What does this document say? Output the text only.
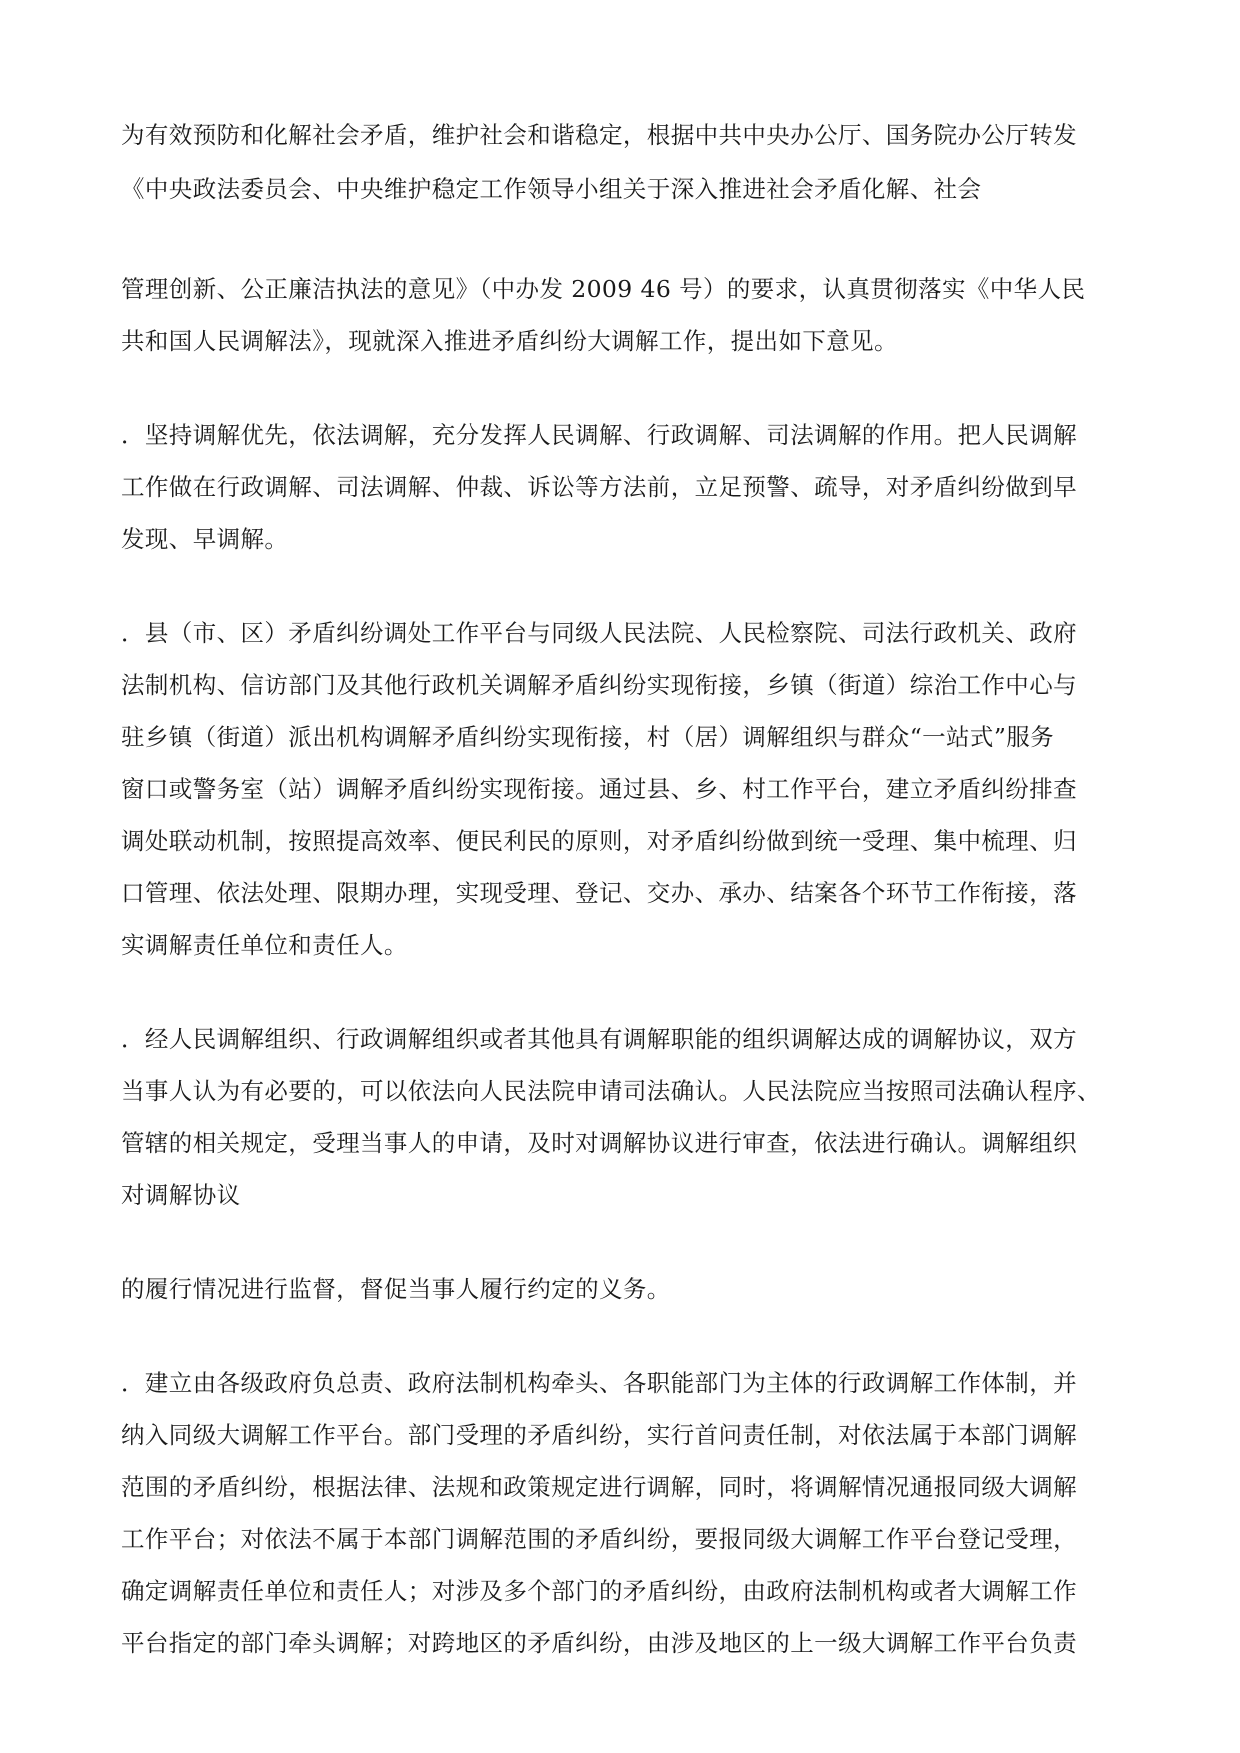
为有效预防和化解社会矛盾，维护社会和谐稳定，根据中共中央办公厅、国务院办公厅转发
《中央政法委员会、中央维护稳定工作领导小组关于深入推进社会矛盾化解、社会
管理创新、公正廉洁执法的意见》（中办发 2009 46 号）的要求，认真贯彻落实《中华人民
共和国人民调解法》，现就深入推进矛盾纠纷大调解工作，提出如下意见。
．坚持调解优先，依法调解，充分发挥人民调解、行政调解、司法调解的作用。把人民调解
工作做在行政调解、司法调解、仲裁、诉讼等方法前，立足预警、疏导，对矛盾纠纷做到早
发现、早调解。
．县（市、区）矛盾纠纷调处工作平台与同级人民法院、人民检察院、司法行政机关、政府
法制机构、信访部门及其他行政机关调解矛盾纠纷实现衔接，乡镇（街道）综治工作中心与
驻乡镇（街道）派出机构调解矛盾纠纷实现衔接，村（居）调解组织与群众“一站式”服务
窗口或警务室（站）调解矛盾纠纷实现衔接。通过县、乡、村工作平台，建立矛盾纠纷排查
调处联动机制，按照提高效率、便民利民的原则，对矛盾纠纷做到统一受理、集中梳理、归
口管理、依法处理、限期办理，实现受理、登记、交办、承办、结案各个环节工作衔接，落
实调解责任单位和责任人。
．经人民调解组织、行政调解组织或者其他具有调解职能的组织调解达成的调解协议，双方
当事人认为有必要的，可以依法向人民法院申请司法确认。人民法院应当按照司法确认程序、
管辖的相关规定，受理当事人的申请，及时对调解协议进行审查，依法进行确认。调解组织
对调解协议
的履行情况进行监督，督促当事人履行约定的义务。
．建立由各级政府负总责、政府法制机构牵头、各职能部门为主体的行政调解工作体制，并
纳入同级大调解工作平台。部门受理的矛盾纠纷，实行首问责任制，对依法属于本部门调解
范围的矛盾纠纷，根据法律、法规和政策规定进行调解，同时，将调解情况通报同级大调解
工作平台；对依法不属于本部门调解范围的矛盾纠纷，要报同级大调解工作平台登记受理，
确定调解责任单位和责任人；对涉及多个部门的矛盾纠纷，由政府法制机构或者大调解工作
平台指定的部门牵头调解；对跨地区的矛盾纠纷，由涉及地区的上一级大调解工作平台负责
